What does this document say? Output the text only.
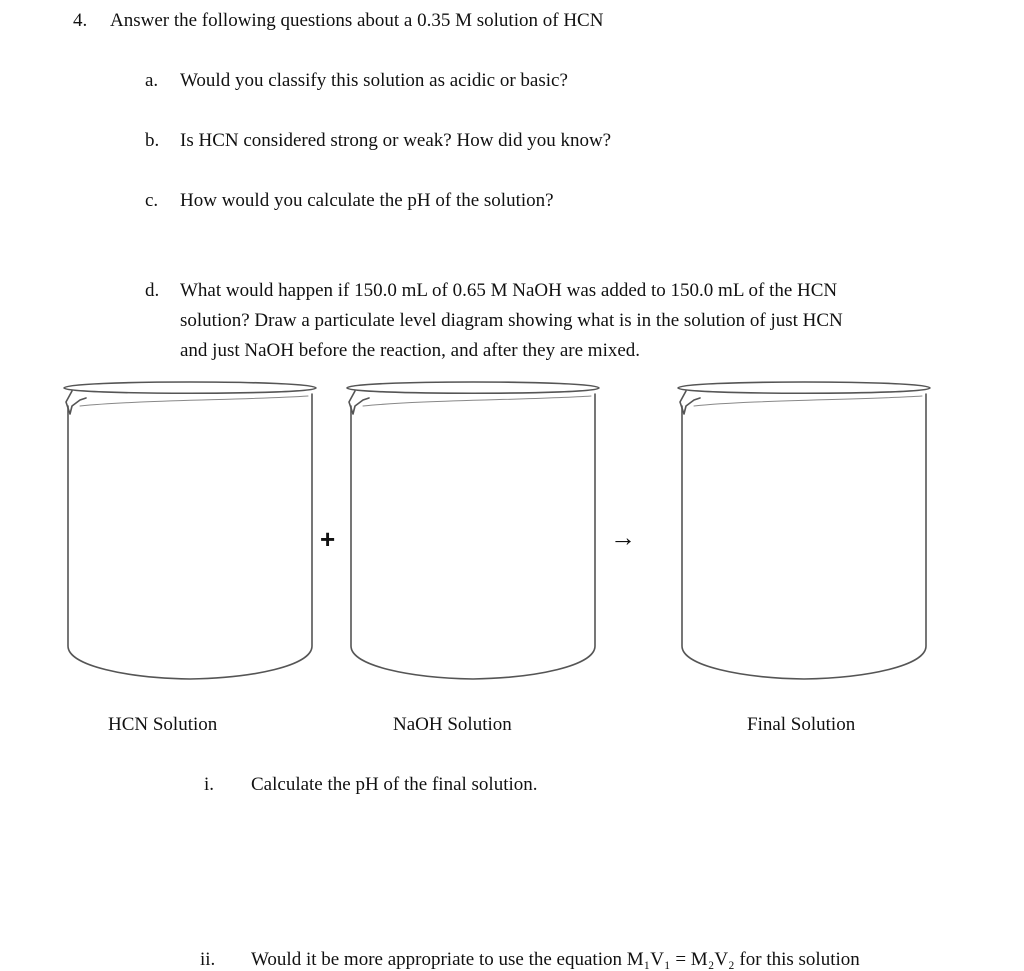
4. Answer the following questions about a 0.35 M solution of HCN
a. Would you classify this solution as acidic or basic?
b. Is HCN considered strong or weak? How did you know?
c. How would you calculate the pH of the solution?
d. What would happen if 150.0 mL of 0.65 M NaOH was added to 150.0 mL of the HCN
solution? Draw a particulate level diagram showing what is in the solution of just HCN
and just NaOH before the reaction, and after they are mixed.
+	→
HCN Solution	NaOH Solution	Final Solution
i. Calculate the pH of the final solution.
ii. Would it be more appropriate to use the equation M₁V₁ = M₂V₂ for this solution
